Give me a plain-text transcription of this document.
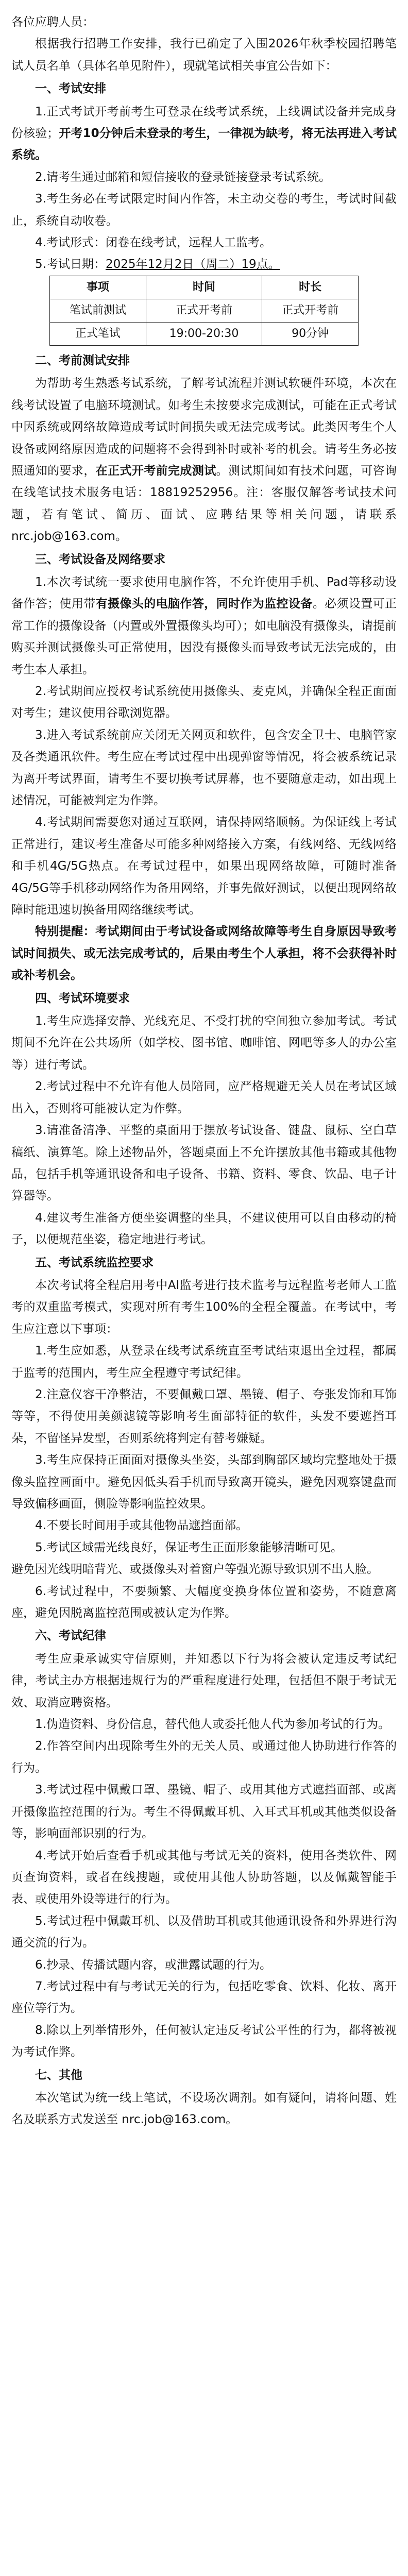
各位应聘人员：

根据我行招聘工作安排，我行已确定了入围2026年秋季校园招聘笔试人员名单（具体名单见附件），现就笔试相关事宜公告如下：

一、考试安排

1.正式考试开考前考生可登录在线考试系统，上线调试设备并完成身份核验；开考10分钟后未登录的考生，一律视为缺考，将无法再进入考试系统。

2.请考生通过邮箱和短信接收的登录链接登录考试系统。

3.考生务必在考试限定时间内作答，未主动交卷的考生，考试时间截止，系统自动收卷。

4.考试形式：闭卷在线考试，远程人工监考。

5.考试日期：2025年12月2日（周二）19点。

事项	时间	时长
笔试前测试	正式开考前	正式开考前
正式笔试	19:00-20:30	90分钟

二、考前测试安排

为帮助考生熟悉考试系统，了解考试流程并测试软硬件环境，本次在线考试设置了电脑环境测试。如考生未按要求完成测试，可能在正式考试中因系统或网络故障造成考试时间损失或无法完成考试。此类因考生个人设备或网络原因造成的问题将不会得到补时或补考的机会。请考生务必按照通知的要求，在正式开考前完成测试。测试期间如有技术问题，可咨询在线笔试技术服务电话：18819252956。注：客服仅解答考试技术问题，若有笔试、简历、面试、应聘结果等相关问题，请联系 nrc.job@163.com。

三、考试设备及网络要求

1.本次考试统一要求使用电脑作答，不允许使用手机、Pad等移动设备作答；使用带有摄像头的电脑作答，同时作为监控设备。必须设置可正常工作的摄像设备（内置或外置摄像头均可）；如电脑没有摄像头，请提前购买并测试摄像头可正常使用，因没有摄像头而导致考试无法完成的，由考生本人承担。

2.考试期间应授权考试系统使用摄像头、麦克风，并确保全程正面面对考生；建议使用谷歌浏览器。

3.进入考试系统前应关闭无关网页和软件，包含安全卫士、电脑管家及各类通讯软件。考生应在考试过程中出现弹窗等情况，将会被系统记录为离开考试界面，请考生不要切换考试屏幕，也不要随意走动，如出现上述情况，可能被判定为作弊。

4.考试期间需要您对通过互联网，请保持网络顺畅。为保证线上考试正常进行，建议考生准备尽可能多种网络接入方案，有线网络、无线网络和手机4G/5G热点。在考试过程中，如果出现网络故障，可随时准备4G/5G等手机移动网络作为备用网络，并事先做好测试，以便出现网络故障时能迅速切换备用网络继续考试。

特别提醒：考试期间由于考试设备或网络故障等考生自身原因导致考试时间损失、或无法完成考试的，后果由考生个人承担，将不会获得补时或补考机会。

四、考试环境要求

1.考生应选择安静、光线充足、不受打扰的空间独立参加考试。考试期间不允许在公共场所（如学校、图书馆、咖啡馆、网吧等多人的办公室等）进行考试。

2.考试过程中不允许有他人员陪同，应严格规避无关人员在考试区域出入，否则将可能被认定为作弊。

3.请准备清净、平整的桌面用于摆放考试设备、键盘、鼠标、空白草稿纸、演算笔。除上述物品外，答题桌面上不允许摆放其他书籍或其他物品，包括手机等通讯设备和电子设备、书籍、资料、零食、饮品、电子计算器等。

4.建议考生准备方便坐姿调整的坐具，不建议使用可以自由移动的椅子，以便规范坐姿，稳定地进行考试。

五、考试系统监控要求

本次考试将全程启用考中AI监考进行技术监考与远程监考老师人工监考的双重监考模式，实现对所有考生100%的全程全覆盖。在考试中，考生应注意以下事项：

1.考生应如悉，从登录在线考试系统直至考试结束退出全过程，都属于监考的范围内，考生应全程遵守考试纪律。

2.注意仪容干净整洁，不要佩戴口罩、墨镜、帽子、夸张发饰和耳饰等等，不得使用美颜滤镜等影响考生面部特征的软件，头发不要遮挡耳朵，不留怪异发型，否则系统将判定有替考嫌疑。

3.考生应保持正面面对摄像头坐姿，头部到胸部区域均完整地处于摄像头监控画面中。避免因低头看手机而导致离开镜头，避免因观察键盘而导致偏移画面，侧脸等影响监控效果。

4.不要长时间用手或其他物品遮挡面部。

5.考试区域需光线良好，保证考生正面形象能够清晰可见。

避免因光线明暗背光、或摄像头对着窗户等强光源导致识别不出人脸。

6.考试过程中，不要频繁、大幅度变换身体位置和姿势，不随意离座，避免因脱离监控范围或被认定为作弊。

六、考试纪律

考生应秉承诚实守信原则，并知悉以下行为将会被认定违反考试纪律，考试主办方根据违规行为的严重程度进行处理，包括但不限于考试无效、取消应聘资格。

1.伪造资料、身份信息，替代他人或委托他人代为参加考试的行为。

2.作答空间内出现除考生外的无关人员、或通过他人协助进行作答的行为。

3.考试过程中佩戴口罩、墨镜、帽子、或用其他方式遮挡面部、或离开摄像监控范围的行为。考生不得佩戴耳机、入耳式耳机或其他类似设备等，影响面部识别的行为。

4.考试开始后查看手机或其他与考试无关的资料，使用各类软件、网页查询资料，或者在线搜题，或使用其他人协助答题，以及佩戴智能手表、或使用外设等进行的行为。

5.考试过程中佩戴耳机、以及借助耳机或其他通讯设备和外界进行沟通交流的行为。

6.抄录、传播试题内容，或泄露试题的行为。

7.考试过程中有与考试无关的行为，包括吃零食、饮料、化妆、离开座位等行为。

8.除以上列举情形外，任何被认定违反考试公平性的行为，都将被视为考试作弊。

七、其他

本次笔试为统一线上笔试，不设场次调剂。如有疑问，请将问题、姓名及联系方式发送至 nrc.job@163.com。
